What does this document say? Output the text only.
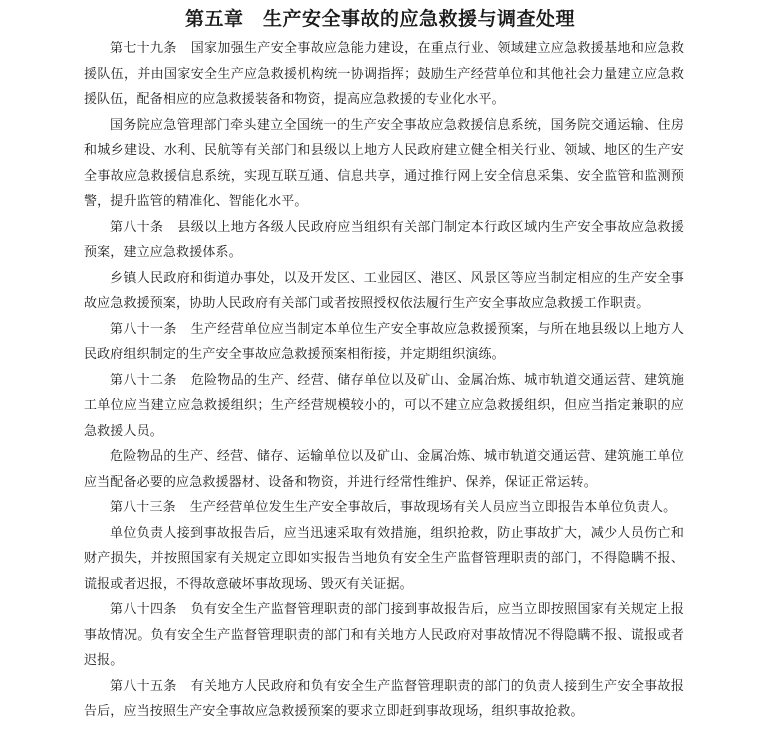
第五章　生产安全事故的应急救援与调查处理

第七十九条 国家加强生产安全事故应急能力建设，在重点行业、领域建立应急救援基地和应急救援队伍，并由国家安全生产应急救援机构统一协调指挥；鼓励生产经营单位和其他社会力量建立应急救援队伍，配备相应的应急救援装备和物资，提高应急救援的专业化水平。

国务院应急管理部门牵头建立全国统一的生产安全事故应急救援信息系统，国务院交通运输、住房和城乡建设、水利、民航等有关部门和县级以上地方人民政府建立健全相关行业、领域、地区的生产安全事故应急救援信息系统，实现互联互通、信息共享，通过推行网上安全信息采集、安全监管和监测预警，提升监管的精准化、智能化水平。

第八十条 县级以上地方各级人民政府应当组织有关部门制定本行政区域内生产安全事故应急救援预案，建立应急救援体系。

乡镇人民政府和街道办事处，以及开发区、工业园区、港区、风景区等应当制定相应的生产安全事故应急救援预案，协助人民政府有关部门或者按照授权依法履行生产安全事故应急救援工作职责。

第八十一条 生产经营单位应当制定本单位生产安全事故应急救援预案，与所在地县级以上地方人民政府组织制定的生产安全事故应急救援预案相衔接，并定期组织演练。

第八十二条 危险物品的生产、经营、储存单位以及矿山、金属冶炼、城市轨道交通运营、建筑施工单位应当建立应急救援组织；生产经营规模较小的，可以不建立应急救援组织，但应当指定兼职的应急救援人员。

危险物品的生产、经营、储存、运输单位以及矿山、金属冶炼、城市轨道交通运营、建筑施工单位应当配备必要的应急救援器材、设备和物资，并进行经常性维护、保养，保证正常运转。

第八十三条 生产经营单位发生生产安全事故后，事故现场有关人员应当立即报告本单位负责人。

单位负责人接到事故报告后，应当迅速采取有效措施，组织抢救，防止事故扩大，减少人员伤亡和财产损失，并按照国家有关规定立即如实报告当地负有安全生产监督管理职责的部门，不得隐瞒不报、谎报或者迟报，不得故意破坏事故现场、毁灭有关证据。

第八十四条 负有安全生产监督管理职责的部门接到事故报告后，应当立即按照国家有关规定上报事故情况。负有安全生产监督管理职责的部门和有关地方人民政府对事故情况不得隐瞒不报、谎报或者迟报。

第八十五条 有关地方人民政府和负有安全生产监督管理职责的部门的负责人接到生产安全事故报告后，应当按照生产安全事故应急救援预案的要求立即赶到事故现场，组织事故抢救。
